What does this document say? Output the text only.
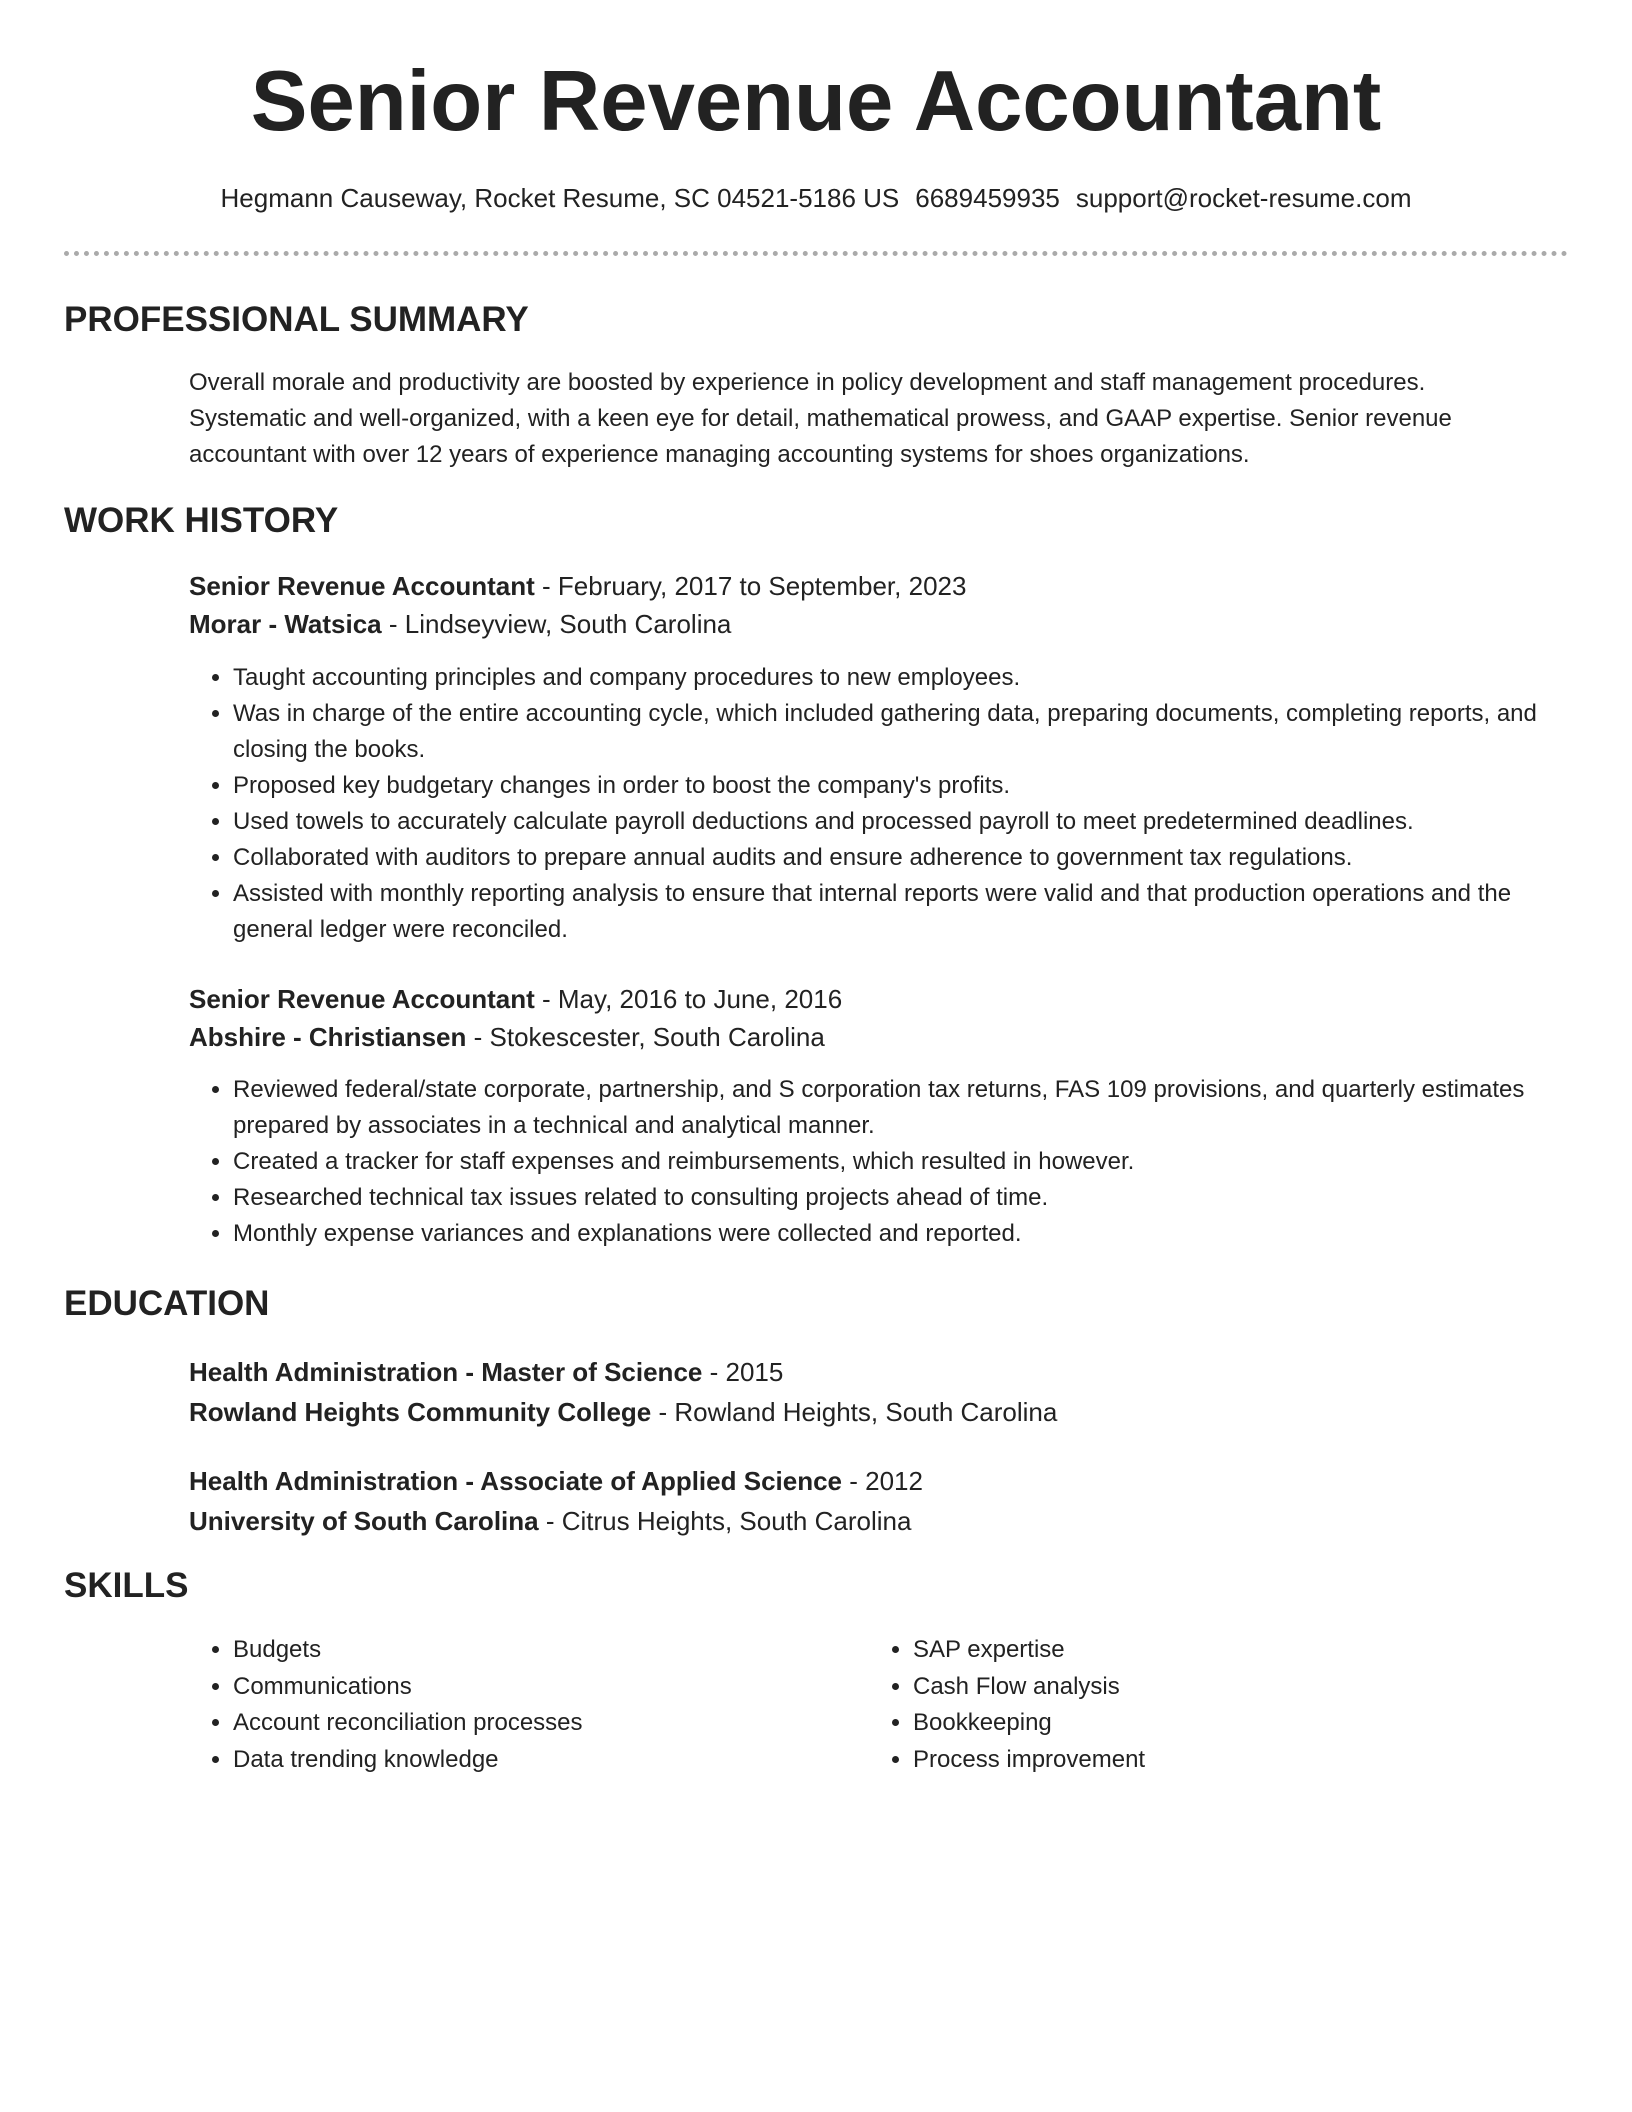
Senior Revenue Accountant
Hegmann Causeway, Rocket Resume, SC 04521-5186 US 6689459935 support@rocket-resume.com
PROFESSIONAL SUMMARY

Overall morale and productivity are boosted by experience in policy development and staff management procedures. Systematic and well-organized, with a keen eye for detail, mathematical prowess, and GAAP expertise. Senior revenue accountant with over 12 years of experience managing accounting systems for shoes organizations.

WORK HISTORY
Senior Revenue Accountant - February, 2017 to September, 2023
Morar - Watsica - Lindseyview, South Carolina
• Taught accounting principles and company procedures to new employees.
• Was in charge of the entire accounting cycle, which included gathering data, preparing documents, completing reports, and closing the books.
• Proposed key budgetary changes in order to boost the company's profits.
• Used towels to accurately calculate payroll deductions and processed payroll to meet predetermined deadlines.
• Collaborated with auditors to prepare annual audits and ensure adherence to government tax regulations.
• Assisted with monthly reporting analysis to ensure that internal reports were valid and that production operations and the general ledger were reconciled.
Senior Revenue Accountant - May, 2016 to June, 2016
Abshire - Christiansen - Stokescester, South Carolina
• Reviewed federal/state corporate, partnership, and S corporation tax returns, FAS 109 provisions, and quarterly estimates prepared by associates in a technical and analytical manner.
• Created a tracker for staff expenses and reimbursements, which resulted in however.
• Researched technical tax issues related to consulting projects ahead of time.
• Monthly expense variances and explanations were collected and reported.
EDUCATION
Health Administration - Master of Science - 2015
Rowland Heights Community College - Rowland Heights, South Carolina
Health Administration - Associate of Applied Science - 2012
University of South Carolina - Citrus Heights, South Carolina
SKILLS
• Budgets
• Communications
• Account reconciliation processes
• Data trending knowledge
• SAP expertise
• Cash Flow analysis
• Bookkeeping
• Process improvement
